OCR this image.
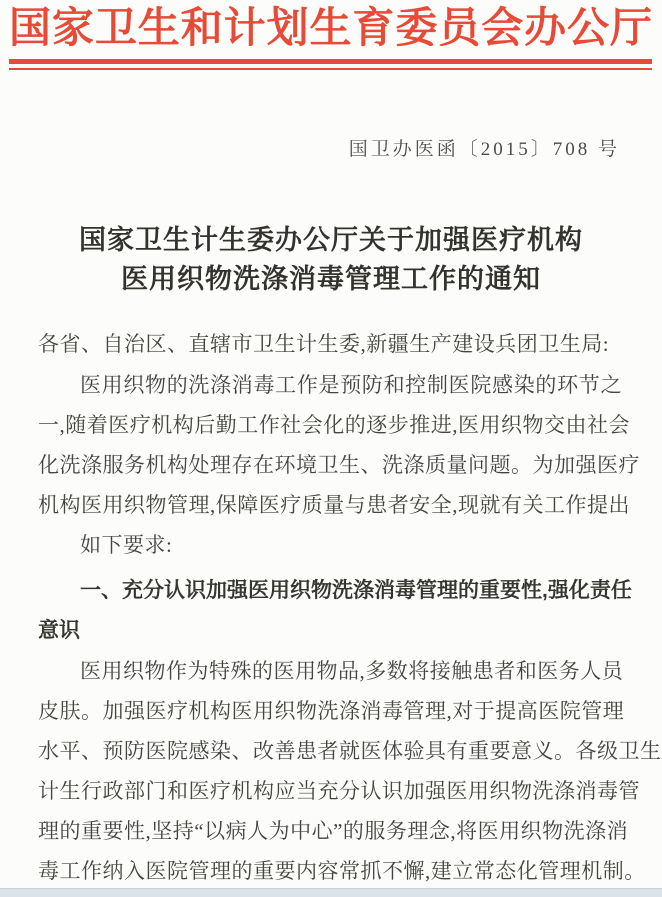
国家卫生和计划生育委员会办公厅
国卫办医函〔2015〕708 号
国家卫生计生委办公厅关于加强医疗机构
医用织物洗涤消毒管理工作的通知
各省、自治区、直辖市卫生计生委,新疆生产建设兵团卫生局:
医用织物的洗涤消毒工作是预防和控制医院感染的环节之
一,随着医疗机构后勤工作社会化的逐步推进,医用织物交由社会
化洗涤服务机构处理存在环境卫生、洗涤质量问题。为加强医疗
机构医用织物管理,保障医疗质量与患者安全,现就有关工作提出
如下要求:
一、充分认识加强医用织物洗涤消毒管理的重要性,强化责任
意识
医用织物作为特殊的医用物品,多数将接触患者和医务人员
皮肤。加强医疗机构医用织物洗涤消毒管理,对于提高医院管理
水平、预防医院感染、改善患者就医体验具有重要意义。各级卫生
计生行政部门和医疗机构应当充分认识加强医用织物洗涤消毒管
理的重要性,坚持“以病人为中心”的服务理念,将医用织物洗涤消
毒工作纳入医院管理的重要内容常抓不懈,建立常态化管理机制。
